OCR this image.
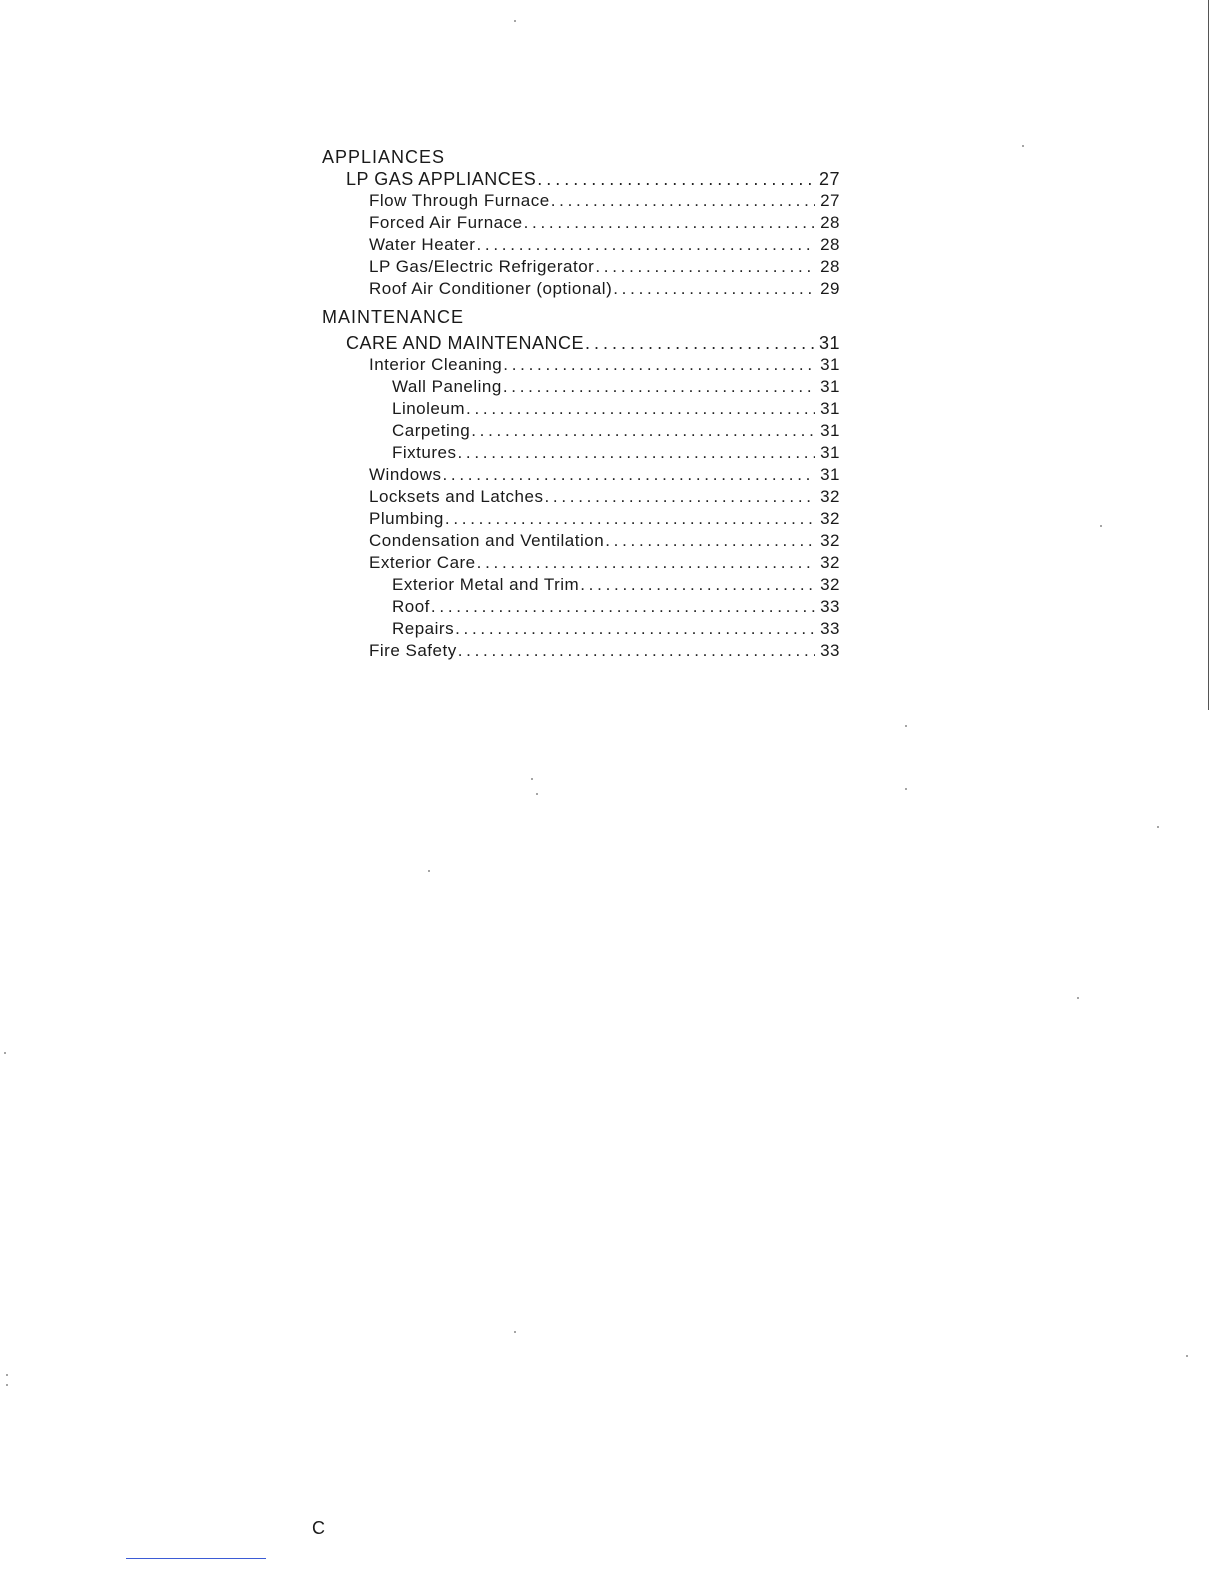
APPLIANCES
LP GAS APPLIANCES . . .	27
Flow Through Furnace . . .	27
Forced Air Furnace . . .	28
Water Heater . . .	28
LP Gas/Electric Refrigerator . . .	28
Roof Air Conditioner (optional) . . .	29
MAINTENANCE
CARE AND MAINTENANCE . . .	31
Interior Cleaning . . .	31
Wall Paneling . . .	31
Linoleum . . .	31
Carpeting . . .	31
Fixtures . . .	31
Windows . . .	31
Locksets and Latches . . .	32
Plumbing . . .	32
Condensation and Ventilation . . .	32
Exterior Care . . .	32
Exterior Metal and Trim . . .	32
Roof . . .	33
Repairs . . .	33
Fire Safety . . .	33
C
